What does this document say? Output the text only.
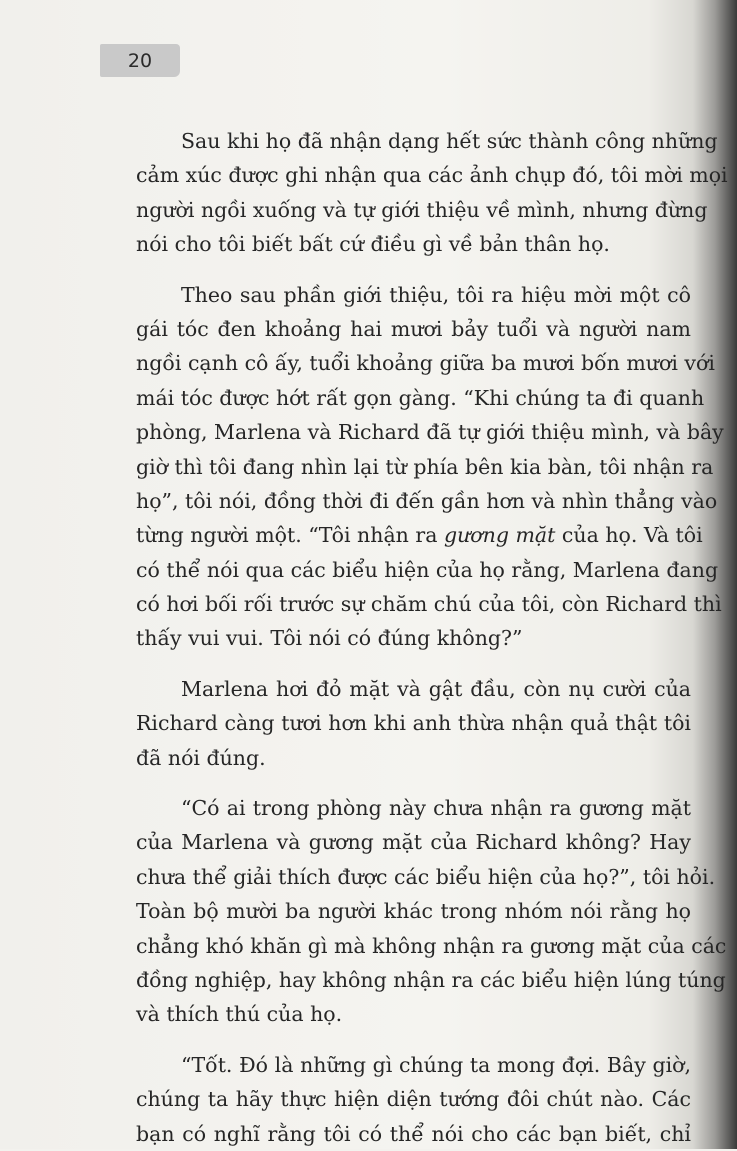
20
Sau khi họ đã nhận dạng hết sức thành công những
cảm xúc được ghi nhận qua các ảnh chụp đó, tôi mời mọi
người ngồi xuống và tự giới thiệu về mình, nhưng đừng
nói cho tôi biết bất cứ điều gì về bản thân họ.
Theo sau phần giới thiệu, tôi ra hiệu mời một cô
gái tóc đen khoảng hai mươi bảy tuổi và người nam
ngồi cạnh cô ấy, tuổi khoảng giữa ba mươi bốn mươi với
mái tóc được hớt rất gọn gàng. “Khi chúng ta đi quanh
phòng, Marlena và Richard đã tự giới thiệu mình, và bây
giờ thì tôi đang nhìn lại từ phía bên kia bàn, tôi nhận ra
họ”, tôi nói, đồng thời đi đến gần hơn và nhìn thẳng vào
từng người một. “Tôi nhận ra gương mặt của họ. Và tôi
có thể nói qua các biểu hiện của họ rằng, Marlena đang
có hơi bối rối trước sự chăm chú của tôi, còn Richard thì
thấy vui vui. Tôi nói có đúng không?”
Marlena hơi đỏ mặt và gật đầu, còn nụ cười của
Richard càng tươi hơn khi anh thừa nhận quả thật tôi
đã nói đúng.
“Có ai trong phòng này chưa nhận ra gương mặt
của Marlena và gương mặt của Richard không? Hay
chưa thể giải thích được các biểu hiện của họ?”, tôi hỏi.
Toàn bộ mười ba người khác trong nhóm nói rằng họ
chẳng khó khăn gì mà không nhận ra gương mặt của các
đồng nghiệp, hay không nhận ra các biểu hiện lúng túng
và thích thú của họ.
“Tốt. Đó là những gì chúng ta mong đợi. Bây giờ,
chúng ta hãy thực hiện diện tướng đôi chút nào. Các
bạn có nghĩ rằng tôi có thể nói cho các bạn biết, chỉ
